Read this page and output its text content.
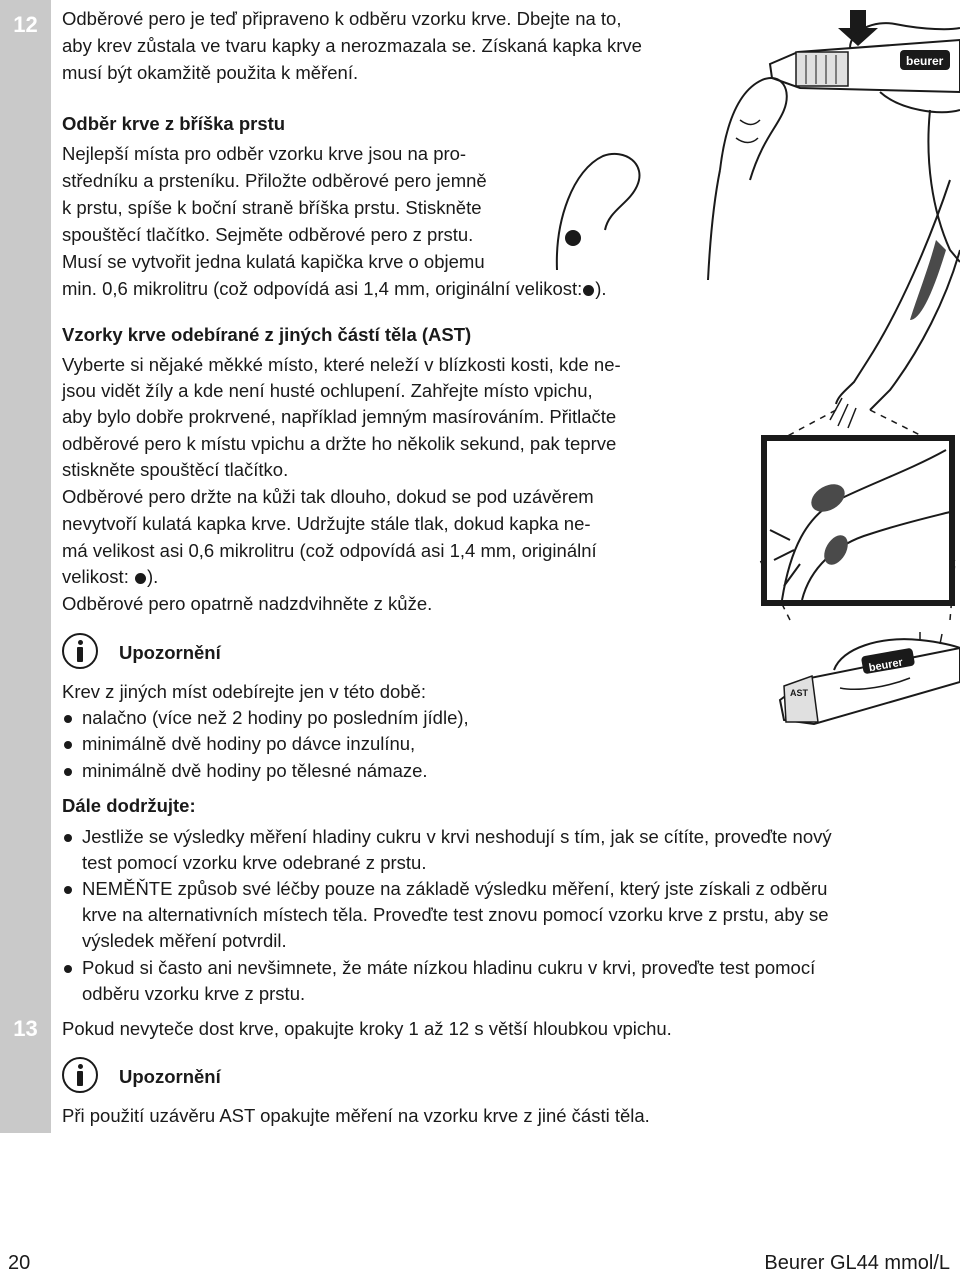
12
13

Odběrové pero je teď připraveno k odběru vzorku krve. Dbejte na to,

aby krev zůstala ve tvaru kapky a nerozmazala se. Získaná kapka krve

musí být okamžitě použita k měření.

Odběr krve z bříška prstu

Nejlepší místa pro odběr vzorku krve jsou na pro-

středníku a prsteníku. Přiložte odběrové pero jemně

k prstu, spíše k boční straně bříška prstu. Stiskněte

spouštěcí tlačítko. Sejměte odběrové pero z prstu.

Musí se vytvořit jedna kulatá kapička krve o objemu

min. 0,6 mikrolitru (což odpovídá asi 1,4 mm, originální velikost: ).

Vzorky krve odebírané z jiných částí těla (AST)

Vyberte si nějaké měkké místo, které neleží v blízkosti kosti, kde ne-

jsou vidět žíly a kde není husté ochlupení. Zahřejte místo vpichu,

aby bylo dobře prokrvené, například jemným masírováním. Přitlačte

odběrové pero k místu vpichu a držte ho několik sekund, pak teprve

stiskněte spouštěcí tlačítko.

Odběrové pero držte na kůži tak dlouho, dokud se pod uzávěrem

nevytvoří kulatá kapka krve. Udržujte stále tlak, dokud kapka ne-

má velikost asi 0,6 mikrolitru (což odpovídá asi 1,4 mm, originální

velikost: ).

Odběrové pero opatrně nadzdvihněte z kůže.

Upozornění

Krev z jiných míst odebírejte jen v této době:

nalačno (více než 2 hodiny po posledním jídle),

minimálně dvě hodiny po dávce inzulínu,

minimálně dvě hodiny po tělesné námaze.

Dále dodržujte:

Jestliže se výsledky měření hladiny cukru v krvi neshodují s tím, jak se cítíte, proveďte nový

test pomocí vzorku krve odebrané z prstu.

NEMĚŇTE způsob své léčby pouze na základě výsledku měření, který jste získali z odběru

krve na alternativních místech těla. Proveďte test znovu pomocí vzorku krve z prstu, aby se

výsledek měření potvrdil.

Pokud si často ani nevšimnete, že máte nízkou hladinu cukru v krvi, proveďte test pomocí

odběru vzorku krve z prstu.

Pokud nevyteče dost krve, opakujte kroky 1 až 12 s větší hloubkou vpichu.

Upozornění

Při použití uzávěru AST opakujte měření na vzorku krve z jiné části těla.

20	Beurer GL44 mmol/L
beurer
AST
beurer
